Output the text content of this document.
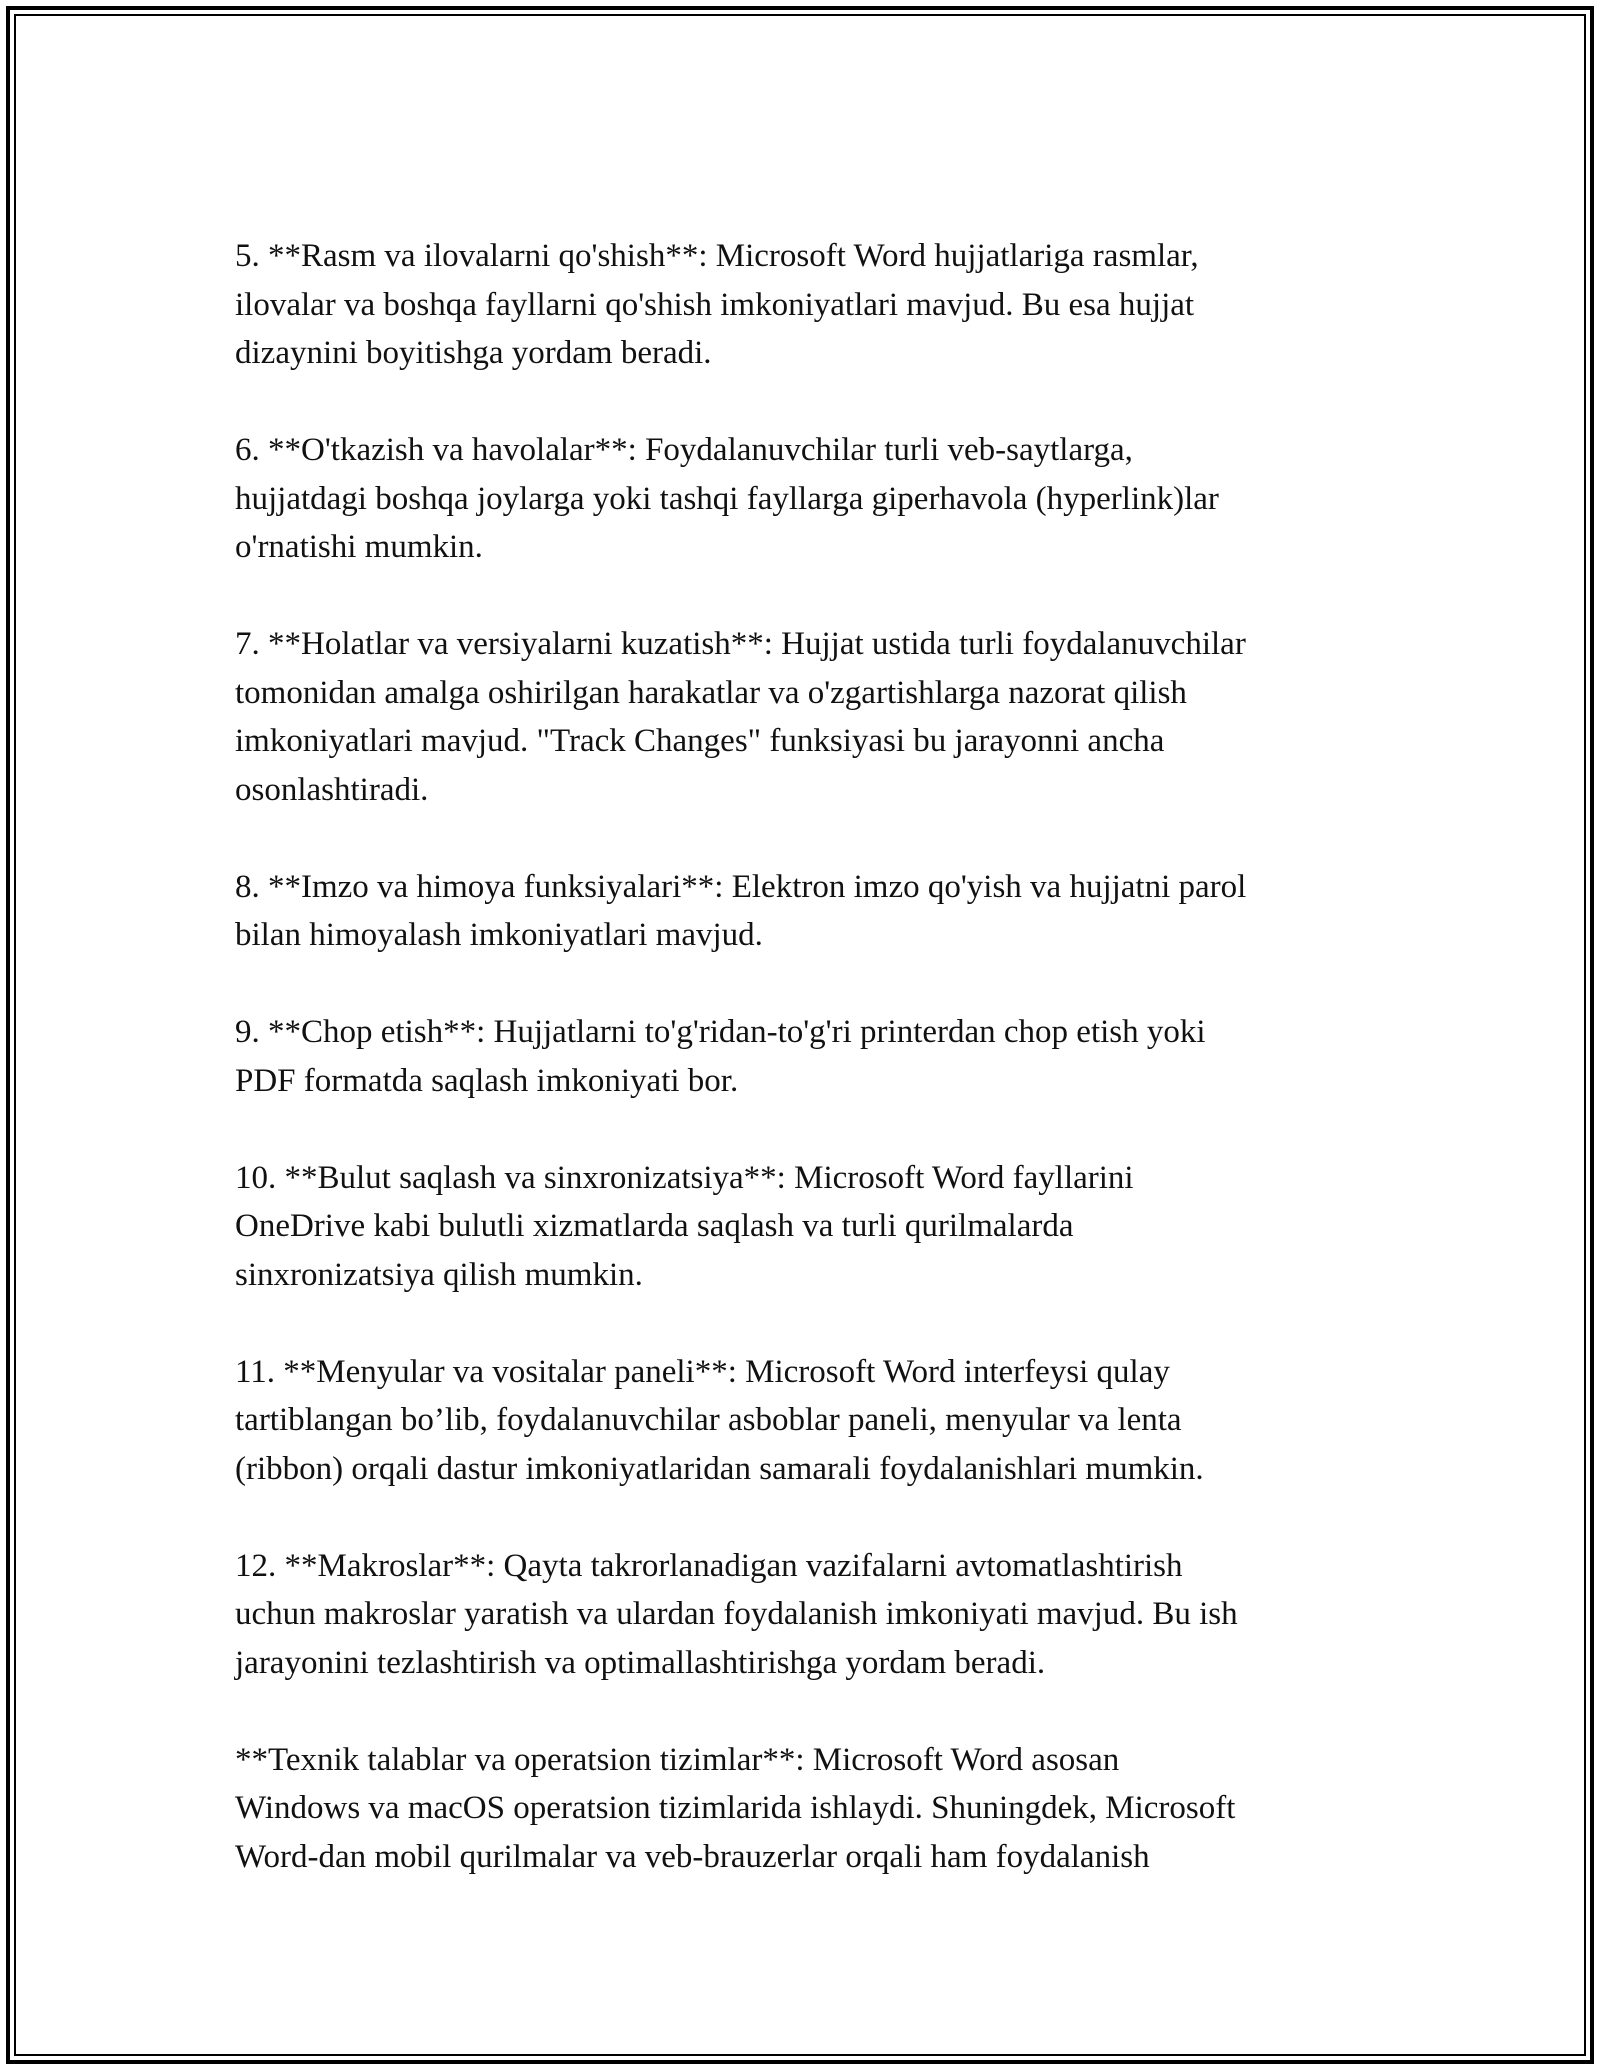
5. **Rasm va ilovalarni qo'shish**: Microsoft Word hujjatlariga rasmlar,
ilovalar va boshqa fayllarni qo'shish imkoniyatlari mavjud. Bu esa hujjat
dizaynini boyitishga yordam beradi.

6. **O'tkazish va havolalar**: Foydalanuvchilar turli veb-saytlarga,
hujjatdagi boshqa joylarga yoki tashqi fayllarga giperhavola (hyperlink)lar
o'rnatishi mumkin.

7. **Holatlar va versiyalarni kuzatish**: Hujjat ustida turli foydalanuvchilar
tomonidan amalga oshirilgan harakatlar va o'zgartishlarga nazorat qilish
imkoniyatlari mavjud. "Track Changes" funksiyasi bu jarayonni ancha
osonlashtiradi.

8. **Imzo va himoya funksiyalari**: Elektron imzo qo'yish va hujjatni parol
bilan himoyalash imkoniyatlari mavjud.

9. **Chop etish**: Hujjatlarni to'g'ridan-to'g'ri printerdan chop etish yoki
PDF formatda saqlash imkoniyati bor.

10. **Bulut saqlash va sinxronizatsiya**: Microsoft Word fayllarini
OneDrive kabi bulutli xizmatlarda saqlash va turli qurilmalarda
sinxronizatsiya qilish mumkin.

11. **Menyular va vositalar paneli**: Microsoft Word interfeysi qulay
tartiblangan bo’lib, foydalanuvchilar asboblar paneli, menyular va lenta
(ribbon) orqali dastur imkoniyatlaridan samarali foydalanishlari mumkin.

12. **Makroslar**: Qayta takrorlanadigan vazifalarni avtomatlashtirish
uchun makroslar yaratish va ulardan foydalanish imkoniyati mavjud. Bu ish
jarayonini tezlashtirish va optimallashtirishga yordam beradi.

**Texnik talablar va operatsion tizimlar**: Microsoft Word asosan
Windows va macOS operatsion tizimlarida ishlaydi. Shuningdek, Microsoft
Word-dan mobil qurilmalar va veb-brauzerlar orqali ham foydalanish
